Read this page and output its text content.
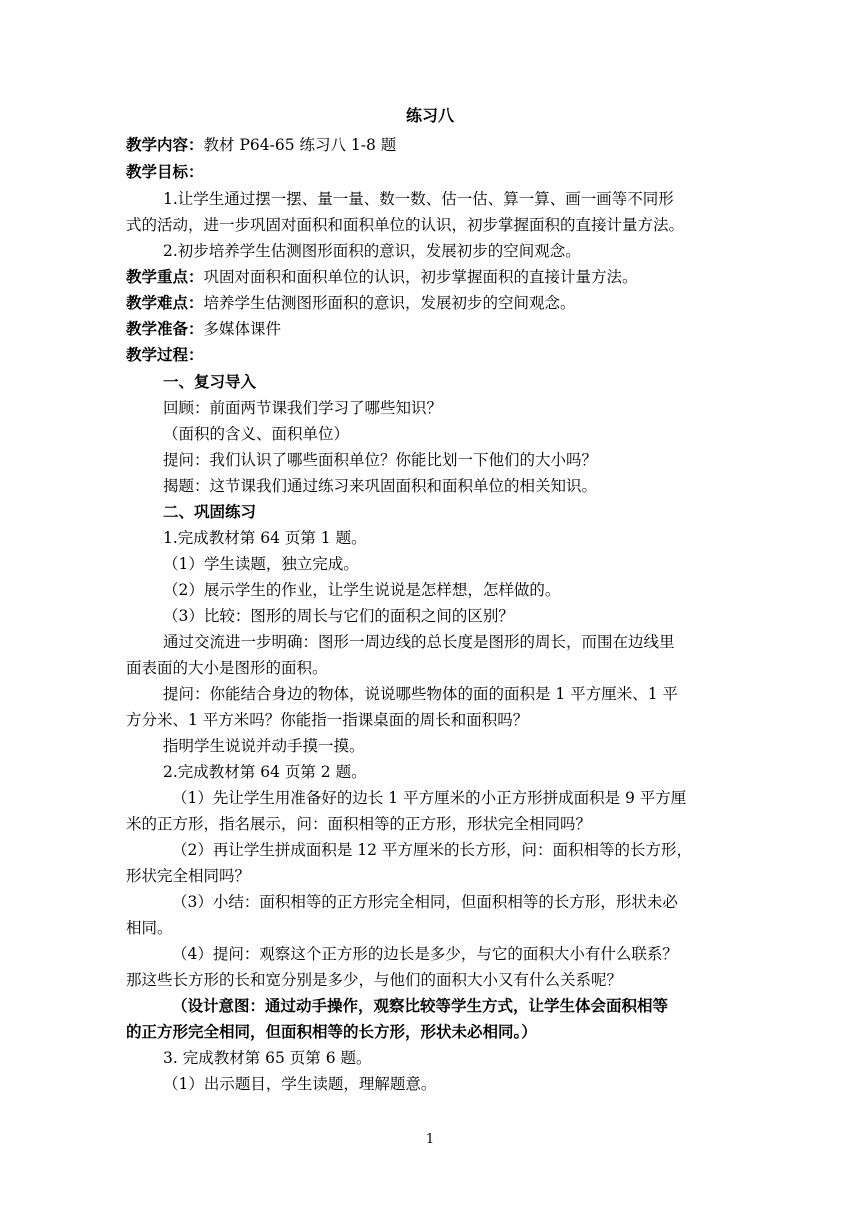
练习八
教学内容：教材 P64-65 练习八 1-8 题
教学目标：
1.让学生通过摆一摆、量一量、数一数、估一估、算一算、画一画等不同形
式的活动，进一步巩固对面积和面积单位的认识，初步掌握面积的直接计量方法。
2.初步培养学生估测图形面积的意识，发展初步的空间观念。
教学重点：巩固对面积和面积单位的认识，初步掌握面积的直接计量方法。
教学难点：培养学生估测图形面积的意识，发展初步的空间观念。
教学准备：多媒体课件
教学过程：
一、复习导入
回顾：前面两节课我们学习了哪些知识？
（面积的含义、面积单位）
提问：我们认识了哪些面积单位？你能比划一下他们的大小吗？
揭题：这节课我们通过练习来巩固面积和面积单位的相关知识。
二、巩固练习
1.完成教材第 64 页第 1 题。
（1）学生读题，独立完成。
（2）展示学生的作业，让学生说说是怎样想，怎样做的。
（3）比较：图形的周长与它们的面积之间的区别？
通过交流进一步明确：图形一周边线的总长度是图形的周长，而围在边线里
面表面的大小是图形的面积。
提问：你能结合身边的物体，说说哪些物体的面的面积是 1 平方厘米、1 平
方分米、1 平方米吗？你能指一指课桌面的周长和面积吗？
指明学生说说并动手摸一摸。
2.完成教材第 64 页第 2 题。
（1）先让学生用准备好的边长 1 平方厘米的小正方形拼成面积是 9 平方厘
米的正方形，指名展示，问：面积相等的正方形，形状完全相同吗？
（2）再让学生拼成面积是 12 平方厘米的长方形，问：面积相等的长方形，
形状完全相同吗？
（3）小结：面积相等的正方形完全相同，但面积相等的长方形，形状未必
相同。
（4）提问：观察这个正方形的边长是多少，与它的面积大小有什么联系？
那这些长方形的长和宽分别是多少，与他们的面积大小又有什么关系呢？
（设计意图：通过动手操作，观察比较等学生方式，让学生体会面积相等
的正方形完全相同，但面积相等的长方形，形状未必相同。）
3. 完成教材第 65 页第 6 题。
（1）出示题目，学生读题，理解题意。
1
